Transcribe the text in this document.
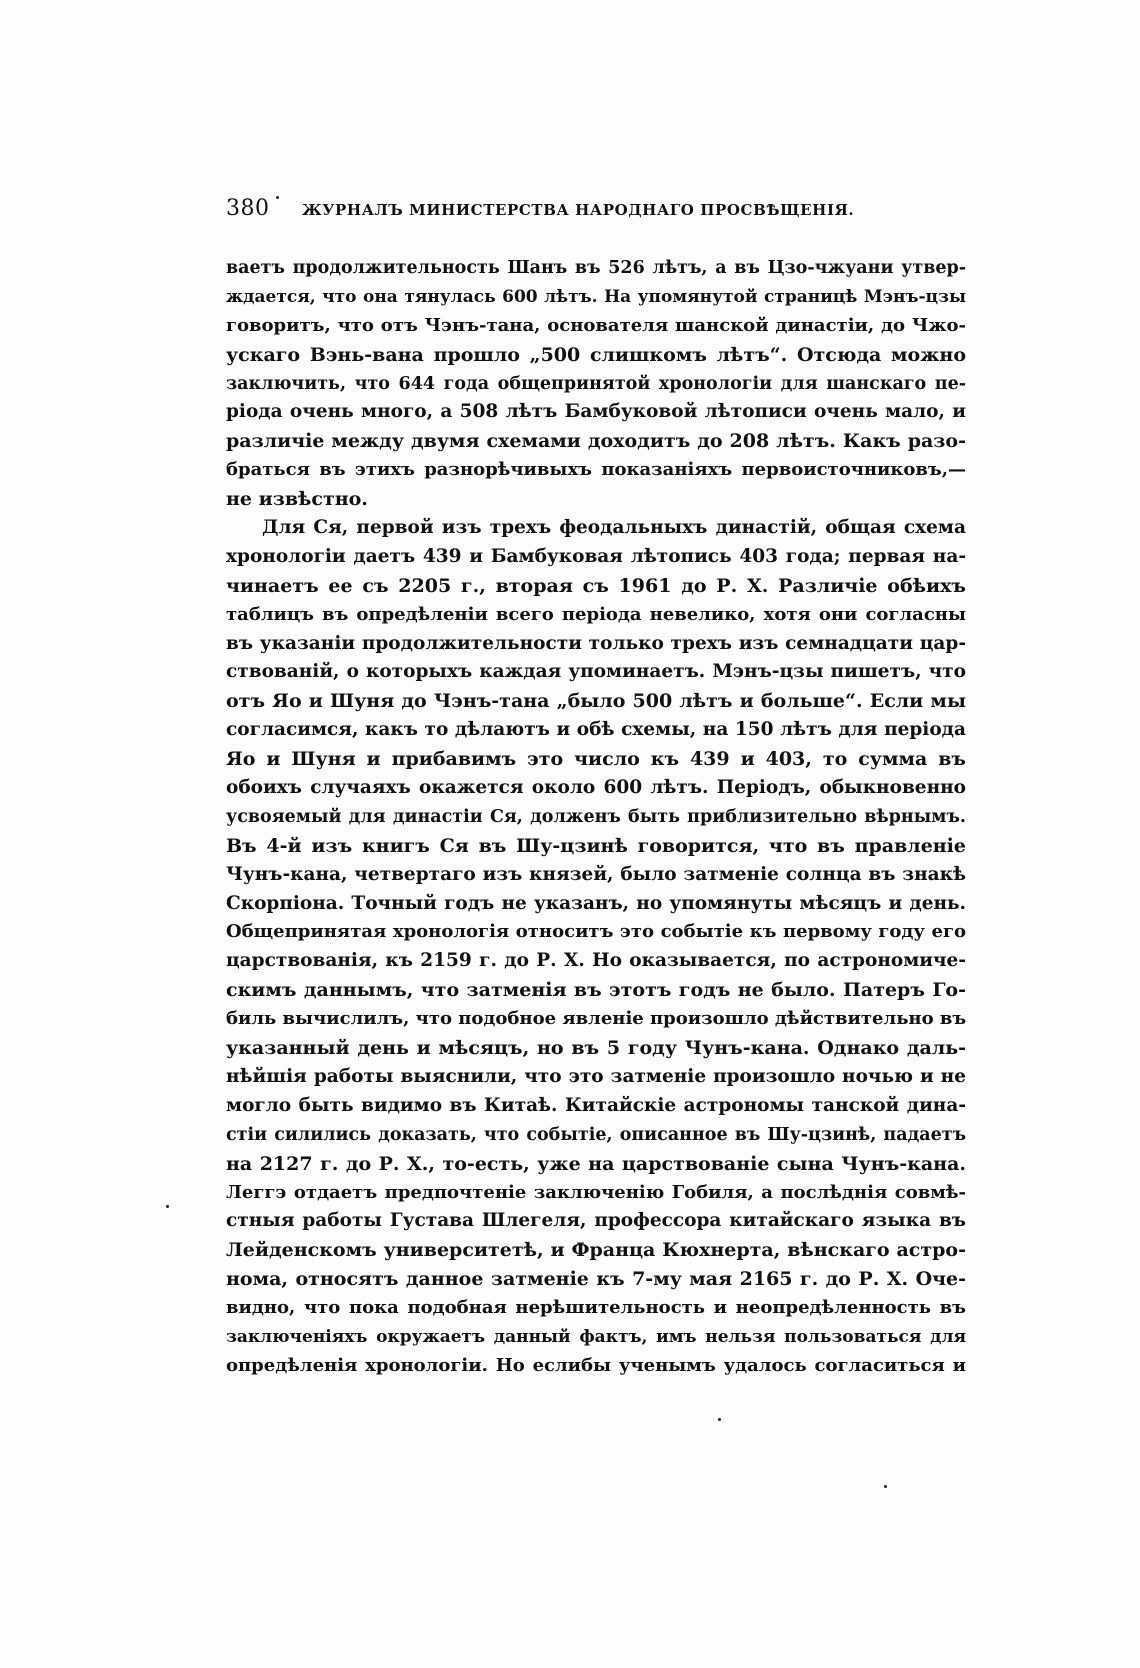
380 ЖУРНАЛЪ МИНИСТЕРСТВА НАРОДНАГО ПРОСВѢЩЕНІЯ.
ваетъ продолжительность Шанъ въ 526 лѣтъ, а въ Цзо-чжуани утвер-
ждается, что она тянулась 600 лѣтъ. На упомянутой страницѣ Мэнъ-цзы
говоритъ, что отъ Чэнъ-тана, основателя шанской династіи, до Чжо-
ускаго Вэнь-вана прошло „500 слишкомъ лѣтъ“. Отсюда можно
заключить, что 644 года общепринятой хронологіи для шанскаго пе-
ріода очень много, а 508 лѣтъ Бамбуковой лѣтописи очень мало, и
различіе между двумя схемами доходитъ до 208 лѣтъ. Какъ разо-
браться въ этихъ разнорѣчивыхъ показаніяхъ первоисточниковъ,—
не извѣстно.
Для Ся, первой изъ трехъ феодальныхъ династій, общая схема
хронологіи даетъ 439 и Бамбуковая лѣтопись 403 года; первая на-
чинаетъ ее съ 2205 г., вторая съ 1961 до Р. Х. Различіе обѣихъ
таблицъ въ опредѣленіи всего періода невелико, хотя они согласны
въ указаніи продолжительности только трехъ изъ семнадцати цар-
ствованій, о которыхъ каждая упоминаетъ. Мэнъ-цзы пишетъ, что
отъ Яо и Шуня до Чэнъ-тана „было 500 лѣтъ и больше“. Если мы
согласимся, какъ то дѣлаютъ и обѣ схемы, на 150 лѣтъ для періода
Яо и Шуня и прибавимъ это число къ 439 и 403, то сумма въ
обоихъ случаяхъ окажется около 600 лѣтъ. Періодъ, обыкновенно
усвояемый для династіи Ся, долженъ быть приблизительно вѣрнымъ.
Въ 4-й изъ книгъ Ся въ Шу-цзинѣ говорится, что въ правленіе
Чунъ-кана, четвертаго изъ князей, было затменіе солнца въ знакѣ
Скорпіона. Точный годъ не указанъ, но упомянуты мѣсяцъ и день.
Общепринятая хронологія относитъ это событіе къ первому году его
царствованія, къ 2159 г. до Р. Х. Но оказывается, по астрономиче-
скимъ даннымъ, что затменія въ этотъ годъ не было. Патеръ Го-
биль вычислилъ, что подобное явленіе произошло дѣйствительно въ
указанный день и мѣсяцъ, но въ 5 году Чунъ-кана. Однако даль-
нѣйшія работы выяснили, что это затменіе произошло ночью и не
могло быть видимо въ Китаѣ. Китайскіе астрономы танской дина-
стіи силились доказать, что событіе, описанное въ Шу-цзинѣ, падаетъ
на 2127 г. до Р. Х., то-есть, уже на царствованіе сына Чунъ-кана.
Леггэ отдаетъ предпочтеніе заключенію Гобиля, а послѣднія совмѣ-
стныя работы Густава Шлегеля, профессора китайскаго языка въ
Лейденскомъ университетѣ, и Франца Кюхнерта, вѣнскаго астро-
нома, относятъ данное затменіе къ 7-му мая 2165 г. до Р. Х. Оче-
видно, что пока подобная нерѣшительность и неопредѣленность въ
заключеніяхъ окружаетъ данный фактъ, имъ нельзя пользоваться для
опредѣленія хронологіи. Но еслибы ученымъ удалось согласиться и
